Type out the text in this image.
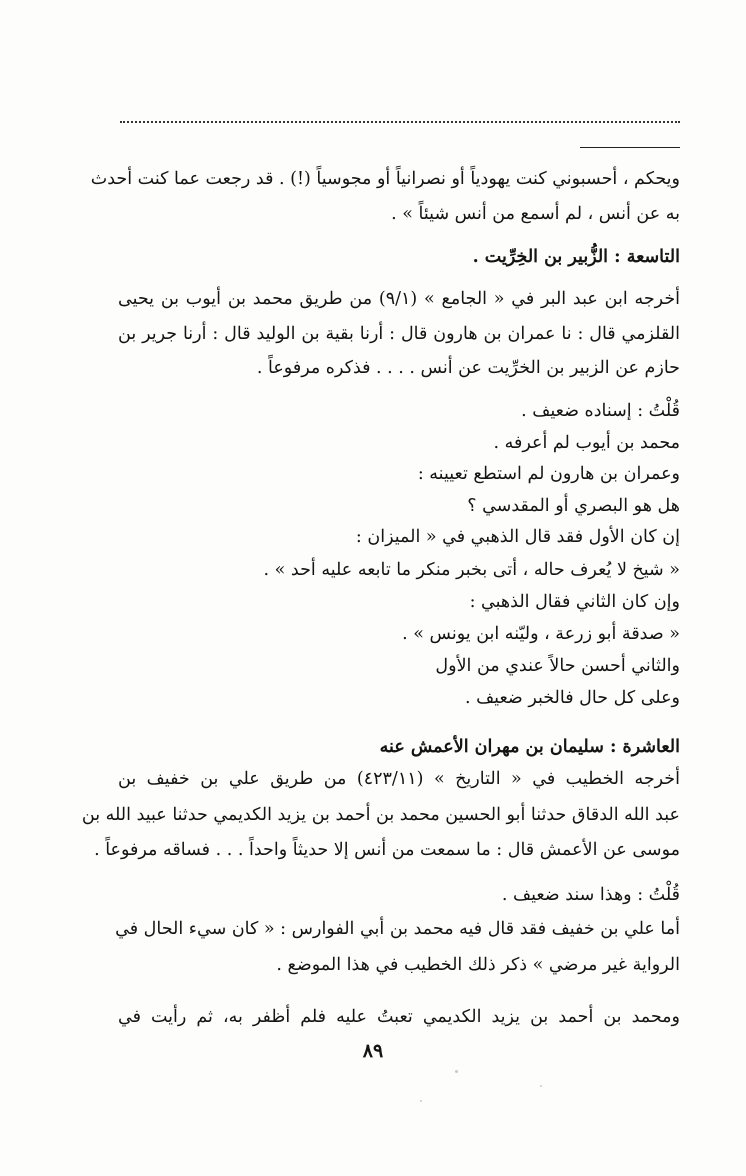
ويحكم ، أحسبوني كنت يهودياً أو نصرانياً أو مجوسياً (!) . قد رجعت عما كنت أحدث
به عن أنس ، لم أسمع من أنس شيئاً » .
التاسعة : الزُّبير بن الخِرِّيت .
أخرجه ابن عبد البر في « الجامع » (٩/١) من طريق محمد بن أيوب بن يحيى
القلزمي قال : نا عمران بن هارون قال : أرنا بقية بن الوليد قال : أرنا جرير بن
حازم عن الزبير بن الخرِّيت عن أنس . . . . فذكره مرفوعاً .
قُلْتُ : إسناده ضعيف .
محمد بن أيوب لم أعرفه .
وعمران بن هارون لم استطع تعيينه :
هل هو البصري أو المقدسي ؟
إن كان الأول فقد قال الذهبي في « الميزان :
« شيخ لا يُعرف حاله ، أتى بخبر منكر ما تابعه عليه أحد » .
وإن كان الثاني فقال الذهبي :
« صدقة أبو زرعة ، وليّنه ابن يونس » .
والثاني أحسن حالاً عندي من الأول
وعلى كل حال فالخبر ضعيف .
العاشرة : سليمان بن مهران الأعمش عنه
أخرجه الخطيب في « التاريخ » (٤٢٣/١١) من طريق علي بن خفيف بن
عبد الله الدقاق حدثنا أبو الحسين محمد بن أحمد بن يزيد الكديمي حدثنا عبيد الله بن
موسى عن الأعمش قال : ما سمعت من أنس إلا حديثاً واحداً . . . فساقه مرفوعاً .
قُلْتُ : وهذا سند ضعيف .
أما علي بن خفيف فقد قال فيه محمد بن أبي الفوارس : « كان سيء الحال في
الرواية غير مرضي » ذكر ذلك الخطيب في هذا الموضع .
ومحمد بن أحمد بن يزيد الكديمي تعبتُ عليه فلم أظفر به، ثم رأيت في
٨٩
